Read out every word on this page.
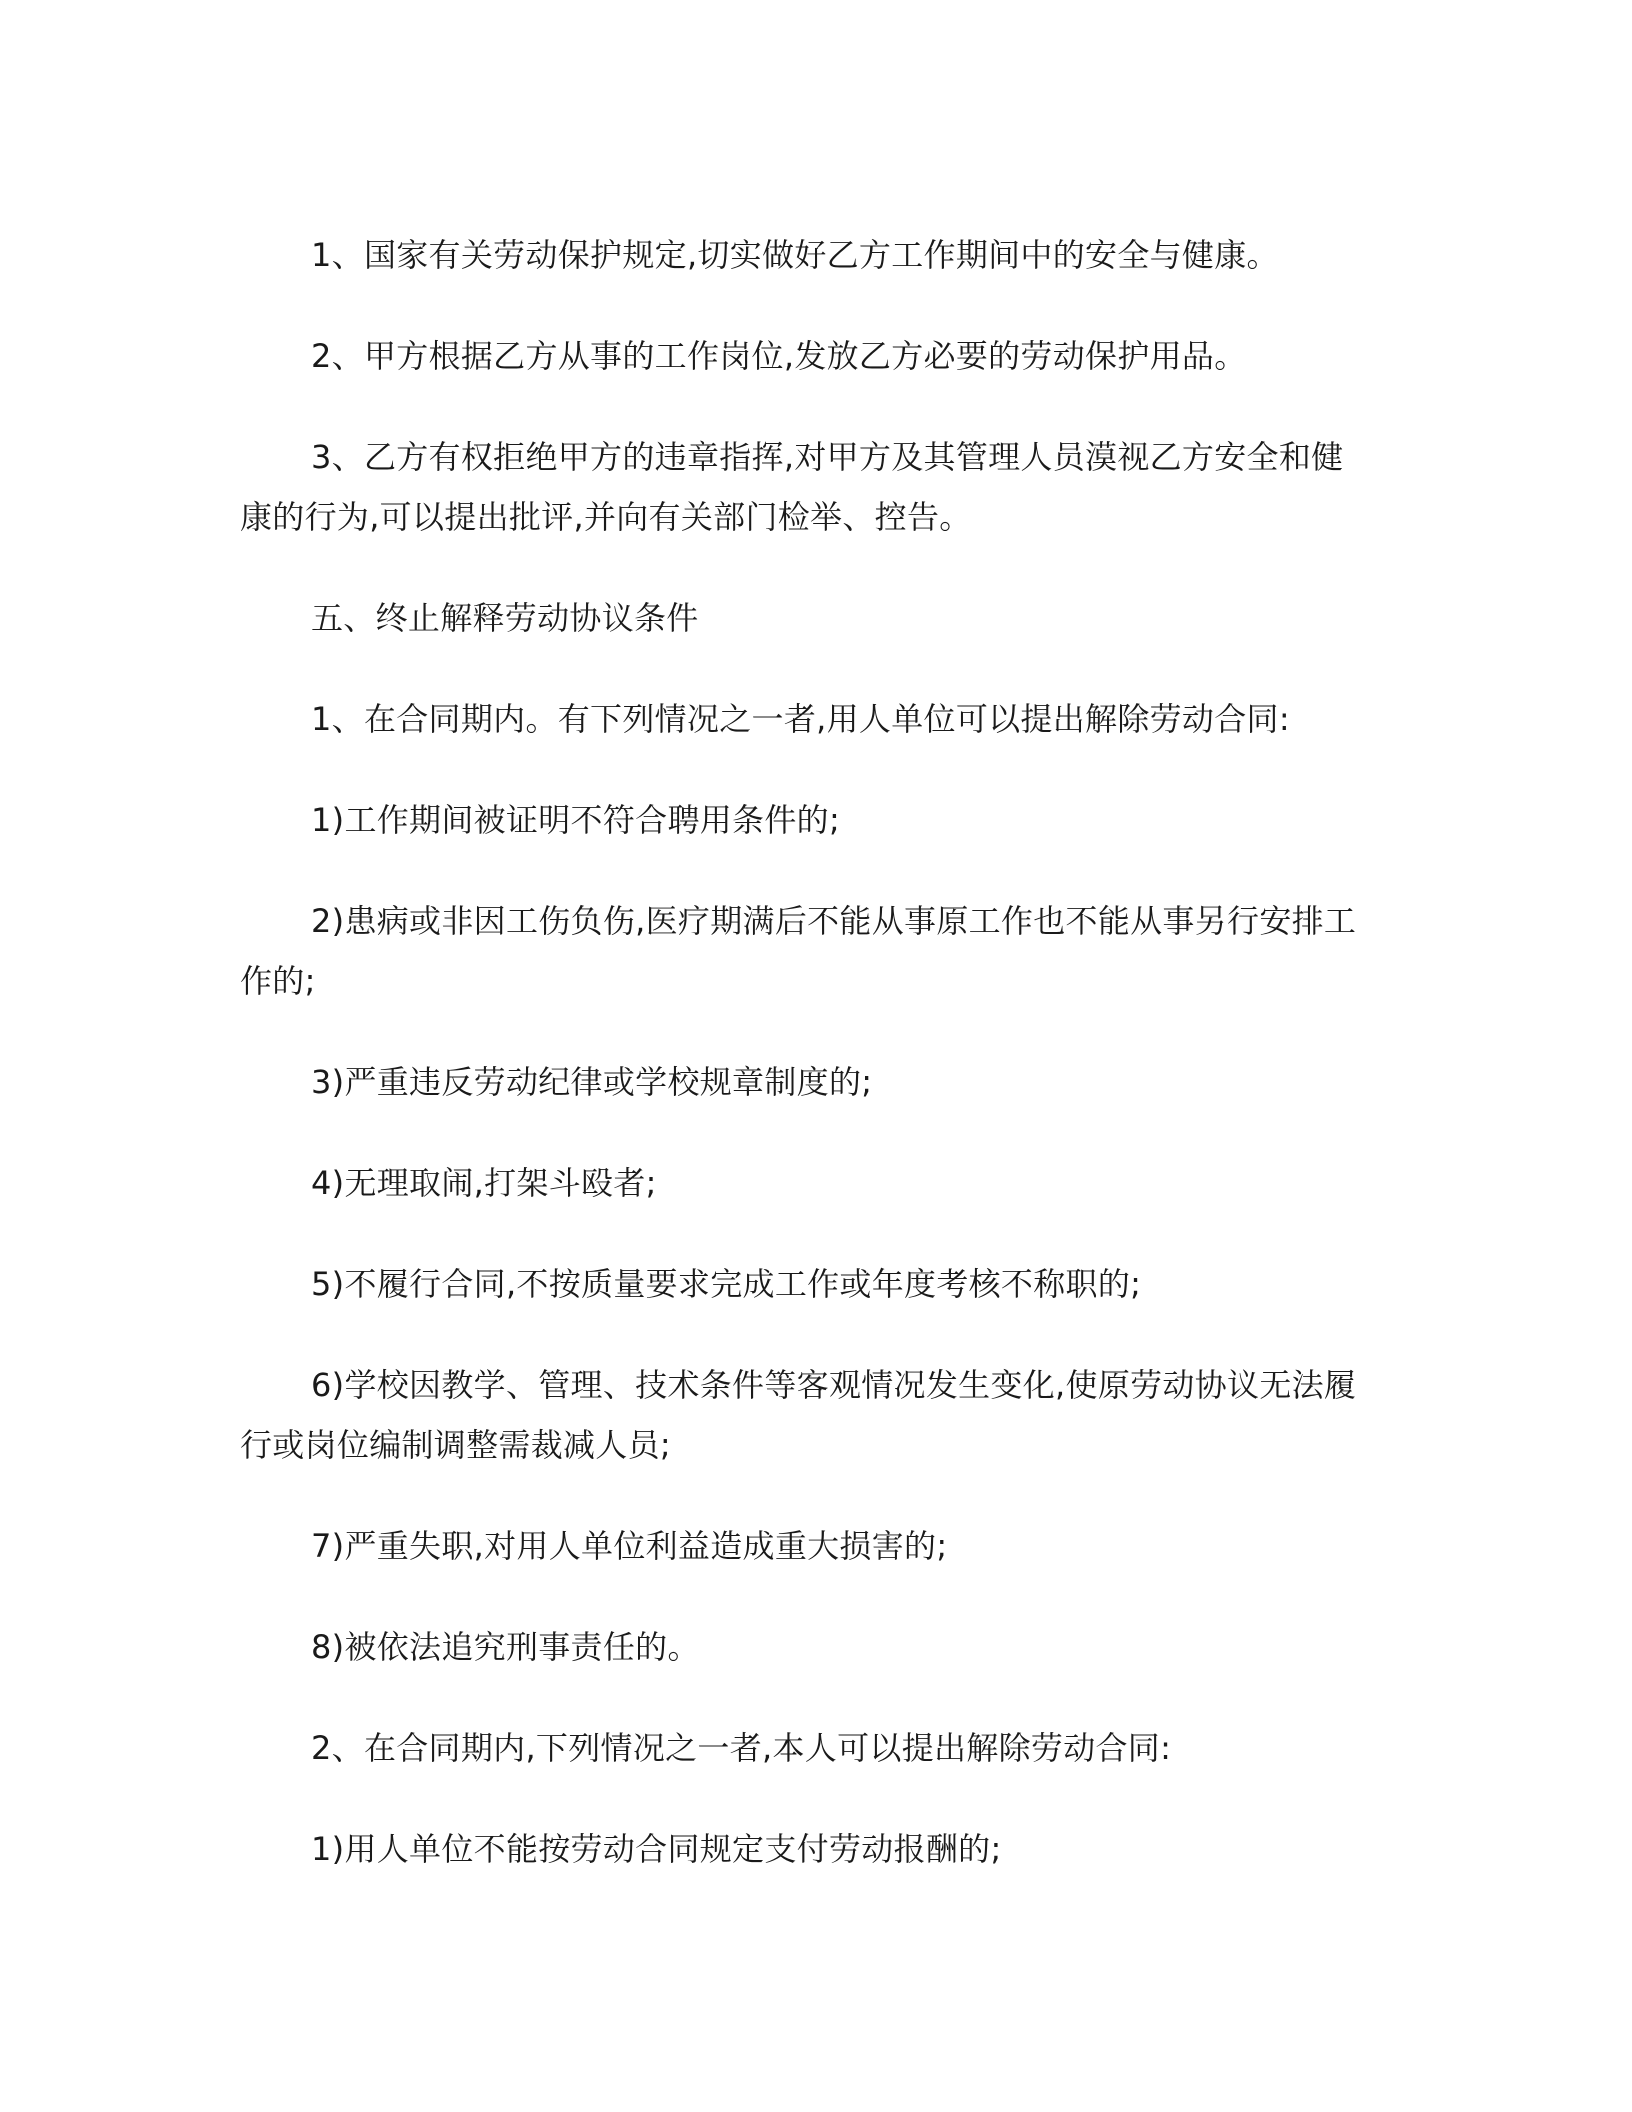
1、国家有关劳动保护规定,切实做好乙方工作期间中的安全与健康。

2、甲方根据乙方从事的工作岗位,发放乙方必要的劳动保护用品。

3、乙方有权拒绝甲方的违章指挥,对甲方及其管理人员漠视乙方安全和健康的行为,可以提出批评,并向有关部门检举、控告。

五、终止解释劳动协议条件

1、在合同期内。有下列情况之一者,用人单位可以提出解除劳动合同:

1)工作期间被证明不符合聘用条件的;

2)患病或非因工伤负伤,医疗期满后不能从事原工作也不能从事另行安排工作的;

3)严重违反劳动纪律或学校规章制度的;

4)无理取闹,打架斗殴者;

5)不履行合同,不按质量要求完成工作或年度考核不称职的;

6)学校因教学、管理、技术条件等客观情况发生变化,使原劳动协议无法履行或岗位编制调整需裁减人员;

7)严重失职,对用人单位利益造成重大损害的;

8)被依法追究刑事责任的。

2、在合同期内,下列情况之一者,本人可以提出解除劳动合同:

1)用人单位不能按劳动合同规定支付劳动报酬的;
